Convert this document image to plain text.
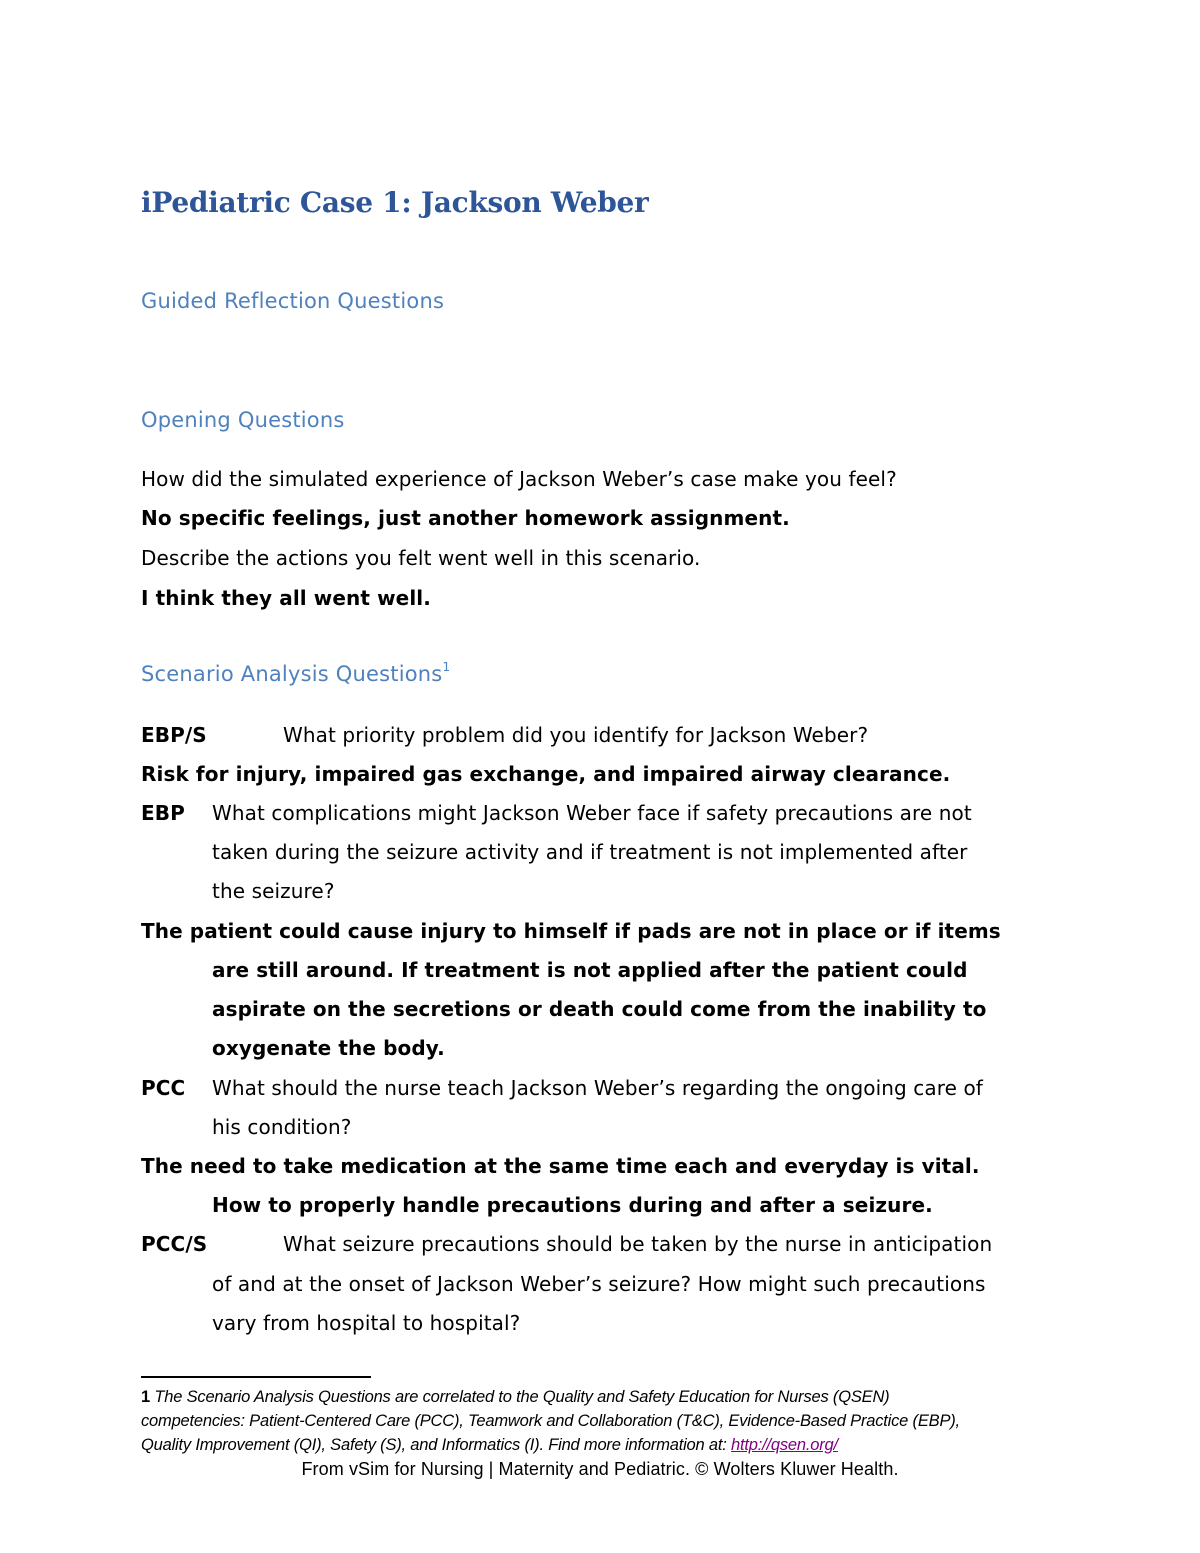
iPediatric Case 1: Jackson Weber
Guided Reflection Questions
Opening Questions

How did the simulated experience of Jackson Weber’s case make you feel?

No specific feelings, just another homework assignment.

Describe the actions you felt went well in this scenario.

I think they all went well.

Scenario Analysis Questions$^1$

EBP/S	What priority problem did you identify for Jackson Weber?

Risk for injury, impaired gas exchange, and impaired airway clearance.

EBP What complications might Jackson Weber face if safety precautions are not

taken during the seizure activity and if treatment is not implemented after

the seizure?

The patient could cause injury to himself if pads are not in place or if items

are still around. If treatment is not applied after the patient could

aspirate on the secretions or death could come from the inability to

oxygenate the body.

PCC What should the nurse teach Jackson Weber’s regarding the ongoing care of

his condition?

The need to take medication at the same time each and everyday is vital.

How to properly handle precautions during and after a seizure.

PCC/S	What seizure precautions should be taken by the nurse in anticipation

of and at the onset of Jackson Weber’s seizure? How might such precautions

vary from hospital to hospital?

1 The Scenario Analysis Questions are correlated to the Quality and Safety Education for Nurses (QSEN)

competencies: Patient-Centered Care (PCC), Teamwork and Collaboration (T&C), Evidence-Based Practice (EBP),

Quality Improvement (QI), Safety (S), and Informatics (I). Find more information at: http://qsen.org/

From vSim for Nursing | Maternity and Pediatric. © Wolters Kluwer Health.
